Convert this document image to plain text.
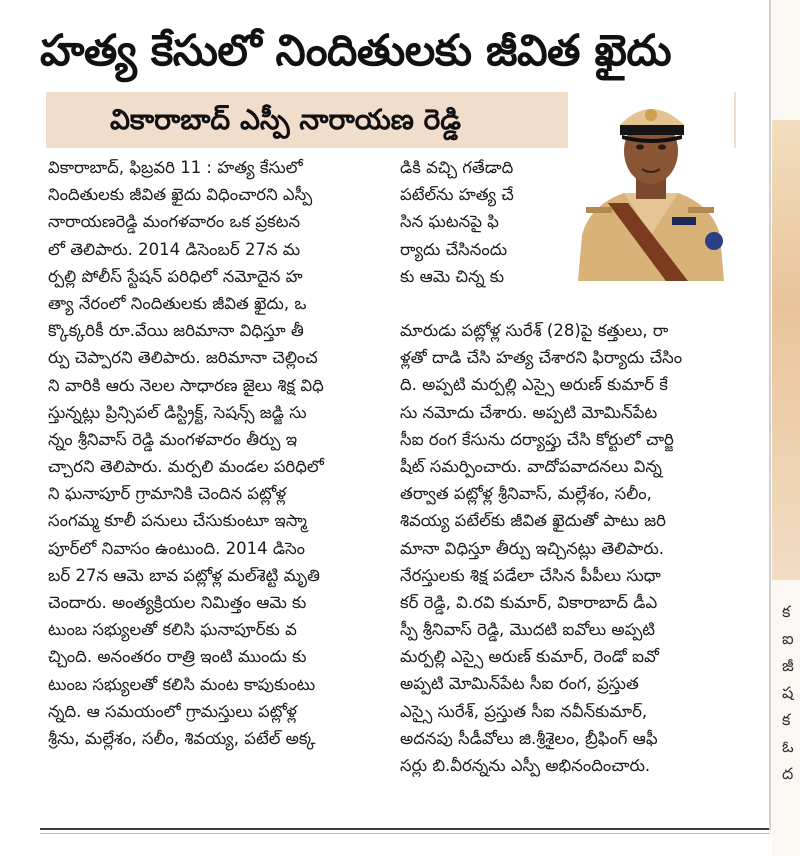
హత్య కేసులో నిందితులకు జీవిత ఖైదు
వికారాబాద్ ఎస్పీ నారాయణ రెడ్డి
వికారాబాద్, ఫిబ్రవరి 11 : హత్య కేసులో
నిందితులకు జీవిత ఖైదు విధించారని ఎస్పీ
నారాయణరెడ్డి మంగళవారం ఒక ప్రకటన
లో తెలిపారు. 2014 డిసెంబర్ 27న మ
ర్పల్లి పోలీస్ స్టేషన్ పరిధిలో నమోదైన హ
త్యా నేరంలో నిందితులకు జీవిత ఖైదు, ఒ
క్కొక్కరికీ రూ.వేయి జరిమానా విధిస్తూ తీ
ర్పు చెప్పారని తెలిపారు. జరిమానా చెల్లించ
ని వారికి ఆరు నెలల సాధారణ జైలు శిక్ష విధి
స్తున్నట్లు ప్రిన్సిపల్ డిస్ట్రిక్ట్, సెషన్స్ జడ్జి సు
న్నం శ్రీనివాస్ రెడ్డి మంగళవారం తీర్పు ఇ
చ్చారని తెలిపారు. మర్పలి మండల పరిధిలో
ని ఘనాపూర్ గ్రామానికి చెందిన పట్లోళ్ల
సంగమ్మ కూలీ పనులు చేసుకుంటూ ఇస్మా
పూర్‌లో నివాసం ఉంటుంది. 2014 డిసెం
బర్ 27న ఆమె బావ పట్లోళ్ల మల్‌శెట్టి మృతి
చెందారు. అంత్యక్రియల నిమిత్తం ఆమె కు
టుంబ సభ్యులతో కలిసి ఘనాపూర్‌కు వ
చ్చింది. అనంతరం రాత్రి ఇంటి ముందు కు
టుంబ సభ్యులతో కలిసి మంట కాపుకుంటు
న్నది. ఆ సమయంలో గ్రామస్తులు పట్లోళ్ల
శ్రీను, మల్లేశం, సలీం, శివయ్య, పటేల్ అక్క
డికి వచ్చి గతేడాది
పటేల్‌ను హత్య చే
సిన ఘటనపై ఫి
ర్యాదు చేసినందు
కు ఆమె చిన్న కు
మారుడు పట్లోళ్ల సురేశ్ (28)పై కత్తులు, రా
ళ్లతో దాడి చేసి హత్య చేశారని ఫిర్యాదు చేసిం
ది. అప్పటి మర్పల్లి ఎస్సై అరుణ్ కుమార్ కే
సు నమోదు చేశారు. అప్పటి మోమిన్‌పేట
సీఐ రంగ కేసును దర్యాప్తు చేసి కోర్టులో చార్జి
షీట్ సమర్పించారు. వాదోపవాదనలు విన్న
తర్వాత పట్లోళ్ల శ్రీనివాస్, మల్లేశం, సలీం,
శివయ్య పటేల్‌కు జీవిత ఖైదుతో పాటు జరి
మానా విధిస్తూ తీర్పు ఇచ్చినట్లు తెలిపారు.
నేరస్తులకు శిక్ష పడేలా చేసిన పీపీలు సుధా
కర్ రెడ్డి, వి.రవి కుమార్, వికారాబాద్ డీఎ
స్పీ శ్రీనివాస్ రెడ్డి, మొదటి ఐవోలు అప్పటి
మర్పల్లి ఎస్సై అరుణ్ కుమార్, రెండో ఐవో
అప్పటి మోమిన్‌పేట సీఐ రంగ, ప్రస్తుత
ఎస్సై సురేశ్, ప్రస్తుత సీఐ నవీన్‌కుమార్,
అదనపు సీడీవోలు జి.శ్రీశైలం, బ్రీఫింగ్ ఆఫీ
సర్లు బి.వీరన్నను ఎస్పీ అభినందించారు.
క
ఐ
జీ
ష
క
ఓ
ద
